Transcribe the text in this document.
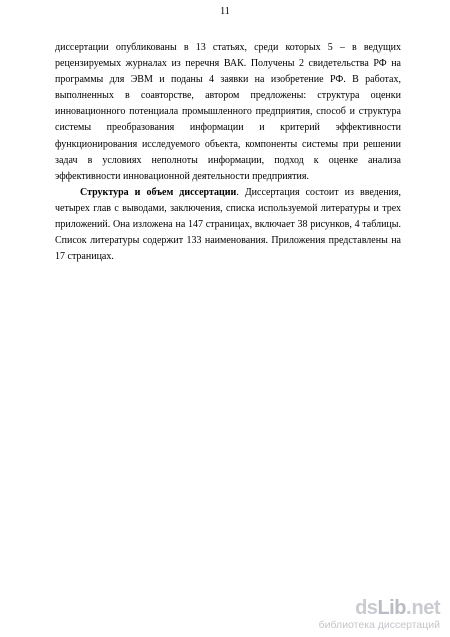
11

диссертации опубликованы в 13 статьях, среди которых 5 – в ведущих рецензируемых журналах из перечня ВАК. Получены 2 свидетельства РФ на программы для ЭВМ и поданы 4 заявки на изобретение РФ. В работах, выполненных в соавторстве, автором предложены: структура оценки инновационного потенциала промышленного предприятия, способ и структура системы преобразования информации и критерий эффективности функционирования исследуемого объекта, компоненты системы при решении задач в условиях неполноты информации, подход к оценке анализа эффективности инновационной деятельности предприятия.

Структура и объем диссертации. Диссертация состоит из введения, четырех глав с выводами, заключения, списка используемой литературы и трех приложений. Она изложена на 147 страницах, включает 38 рисунков, 4 таблицы. Список литературы содержит 133 наименования. Приложения представлены на 17 страницах.

ds Lib . net
библиотека диссертаций
